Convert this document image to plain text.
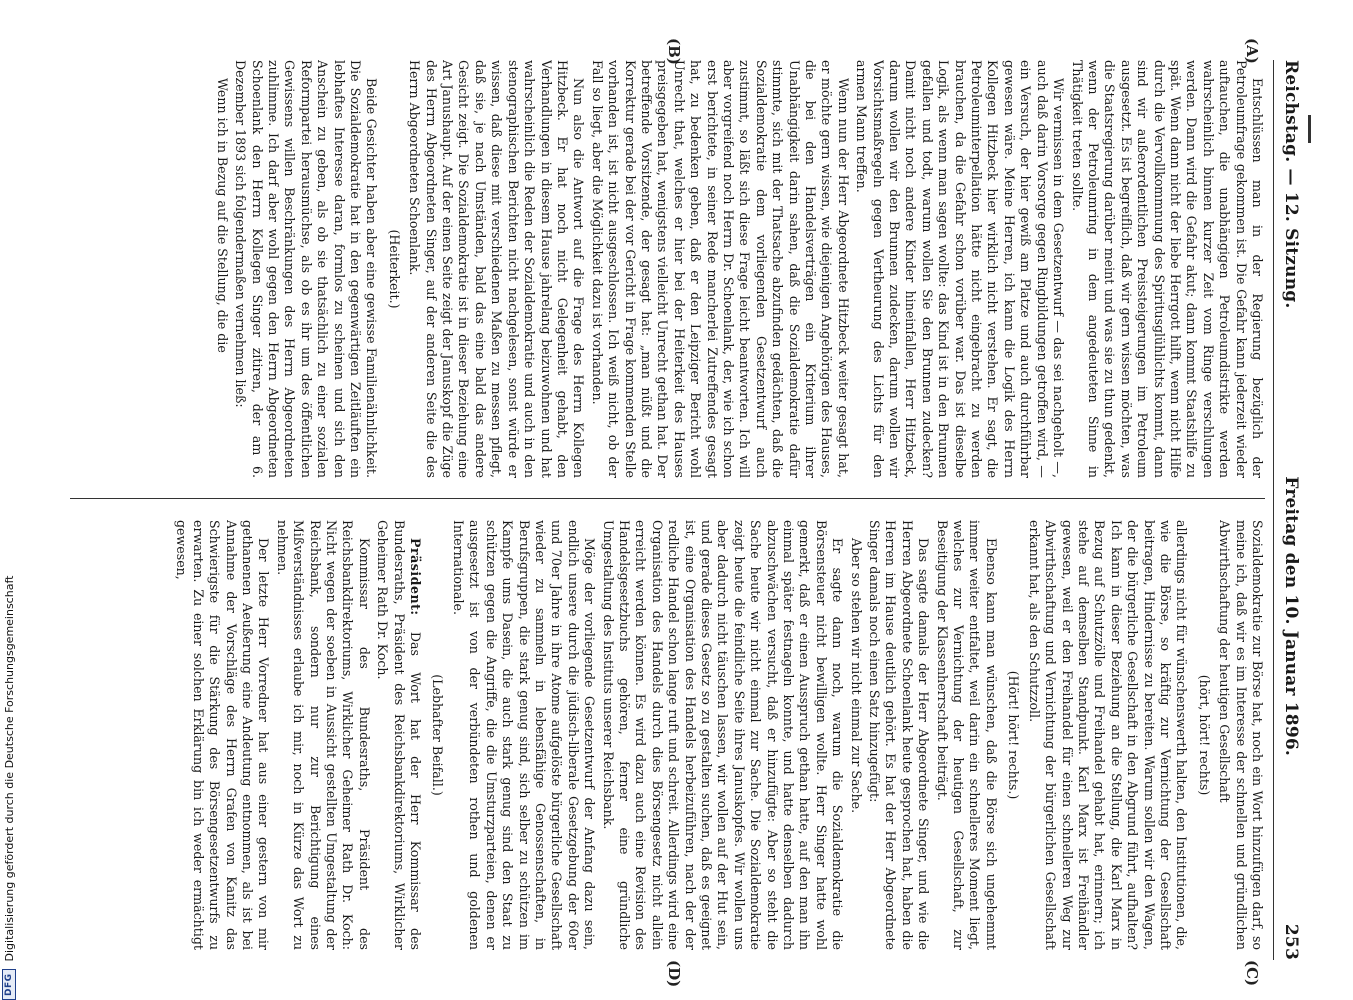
Reichstag. — 12. Sitzung.
Freitag den 10. Januar 1896.
253
(A)
(B)
(C)
(D)

Entschlüssen man in der Regierung bezüglich der Petroleumfrage gekommen ist. Die Gefahr kann jederzeit wieder auftauchen, die unabhängigen Petroleumdistrikte werden wahrscheinlich binnen kurzer Zeit vom Ringe verschlungen werden. Dann wird die Gefahr akut; dann kommt Staatshilfe zu spät. Wenn dann nicht der liebe Herrgott hilft, wenn nicht Hilfe durch die Vervollkommnung des Spiritusglühlichts kommt, dann sind wir außerordentlichen Preissteigerungen im Petroleum ausgesetzt. Es ist begreiflich, daß wir gern wissen möchten, was die Staatsregierung darüber meint und was sie zu thun gedenkt, wenn der Petroleumring in dem angedeuteten Sinne in Thätigkeit treten sollte.

Wir vermissen in dem Gesetzentwurf — das sei nachgeholt —, auch daß darin Vorsorge gegen Ringbildungen getroffen wird, — ein Versuch, der hier gewiß am Platze und auch durchführbar gewesen wäre. Meine Herren, ich kann die Logik des Herrn Kollegen Hitzbeck hier wirklich nicht verstehen. Er sagt, die Petroleuminterpellation hätte nicht eingebracht zu werden brauchen, da die Gefahr schon vorüber war. Das ist dieselbe Logik, als wenn man sagen wollte: das Kind ist in den Brunnen gefallen und todt, warum wollen Sie den Brunnen zudecken? Damit nicht noch andere Kinder hineinfallen, Herr Hitzbeck, darum wollen wir den Brunnen zudecken, darum wollen wir Vorsichtsmaßregeln gegen Vertheurung des Lichts für den armen Mann treffen.

Wenn nun der Herr Abgeordnete Hitzbeck weiter gesagt hat, er möchte gern wissen, wie diejenigen Angehörigen des Hauses, die bei den Handelsverträgen ein Kriterium ihrer Unabhängigkeit darin sahen, daß die Sozialdemokratie dafür stimmte, sich mit der Thatsache abzufinden gedächten, daß die Sozialdemokratie dem vorliegenden Gesetzentwurf auch zustimmt, so läßt sich diese Frage leicht beantworten. Ich will aber vorgreifend noch Herrn Dr. Schoenlank, der, wie ich schon erst berichtete, in seiner Rede mancherlei Zutreffendes gesagt hat, zu bedenken geben, daß er den Leipziger Bericht wohl Unrecht that, welches er hier bei der Heiterkeit des Hauses preisgegeben hat, wenigstens vielleicht Unrecht gethan hat. Der betreffende Vorsitzende, der gesagt hat: „man nüßt und die Korrektur gerade bei der vor Gericht in Frage kommenden Stelle vorhanden ist, ist nicht ausgeschlossen. Ich weiß nicht, ob der Fall so liegt, aber die Möglichkeit dazu ist vorhanden.

Nun also die Antwort auf die Frage des Herrn Kollegen Hitzbeck. Er hat noch nicht Gelegenheit gehabt, den Verhandlungen in diesem Hause jahrelang beizuwohnen und hat wahrscheinlich die Reden der Sozialdemokratie und auch in den stenographischen Berichten nicht nachgelesen, sonst würde er wissen, daß diese mit verschiedenen Maßen zu messen pflegt, daß sie, je nach Umständen, bald das eine bald das andere Gesicht zeigt. Die Sozialdemokratie ist in dieser Beziehung eine Art Janushaupt. Auf der einen Seite zeigt der Januskopf die Züge des Herrn Abgeordneten Singer, auf der anderen Seite die des Herrn Abgeordneten Schoenlank.

(Heiterkeit.)

Beide Gesichter haben aber eine gewisse Familienähnlichkeit. Die Sozialdemokratie hat in den gegenwärtigen Zeitläuften ein lebhaftes Interesse daran, formlos zu scheinen und sich den Anschein zu geben, als ob sie thatsächlich zu einer sozialen Reformpartei herausmüchse, als ob es ihr um des öffentlichen Gewissens willen Beschränkungen des Herrn Abgeordneten zuhlimme. Ich darf aber wohl gegen den Herrn Abgeordneten Schoenlank den Herrn Kollegen Singer zitiren, der am 6. Dezember 1893 sich folgendermaßen vernehmen ließ:

Wenn ich in Bezug auf die Stellung, die die

Sozialdemokratie zur Börse hat, noch ein Wort hinzufügen darf, so meine ich, daß wir es im Interesse der schnellen und gründlichen Abwirthschaftung der heutigen Gesellschaft

(hört, hört! rechts)

allerdings nicht für wünschenswerth halten, den Institutionen, die, wie die Börse, so kräftig zur Vernichtung der Gesellschaft beitragen, Hindernisse zu bereiten. Warum sollen wir den Wagen, der die bürgerliche Gesellschaft in den Abgrund führt, aufhalten? Ich kann in dieser Beziehung an die Stellung, die Karl Marx in Bezug auf Schutzzölle und Freihandel gehabt hat, erinnern; ich stehe auf demselben Standpunkt. Karl Marx ist Freihändler gewesen, weil er den Freihandel für einen schnelleren Weg zur Abwirthschaftung und Vernichtung der bürgerlichen Gesellschaft erkannt hat, als den Schutzzoll.

(Hört! hört! rechts.)

Ebenso kann man wünschen, daß die Börse sich ungehemmt immer weiter entfaltet, weil darin ein schnelleres Moment liegt, welches zur Vernichtung der heutigen Gesellschaft, zur Beseitigung der Klassenherrschaft beiträgt.

Das sagte damals der Herr Abgeordnete Singer, und wie die Herren Abgeordnete Schoenlank heute gesprochen hat, haben die Herren im Hause deutlich gehört. Es hat der Herr Abgeordnete Singer damals noch einen Satz hinzugefügt:

Aber so stehen wir nicht einmal zur Sache.

Er sagte dann noch, warum die Sozialdemokratie die Börsensteuer nicht bewilligen wollte. Herr Singer hatte wohl gemerkt, daß er einen Ausspruch gethan hatte, auf den man ihn einmal später festnageln konnte, und hatte denselben dadurch abzuschwächen versucht, daß er hinzufügte: Aber so steht die Sache heute wir nicht einmal zur Sache. Die Sozialdemokratie zeigt heute die feindliche Seite ihres Januskopfes. Wir wollen uns aber dadurch nicht täuschen lassen, wir wollen auf der Hut sein, und gerade dieses Gesetz so zu gestalten suchen, daß es geeignet ist, eine Organisation des Handels herbeizuführen, nach der der redliche Handel schon lange ruft und schreit. Allerdings wird eine Organisation des Handels durch dies Börsengesetz nicht allein erreicht werden können. Es wird dazu auch eine Revision des Handelsgesetzbuchs gehören, ferner eine gründliche Umgestaltung des Instituts unserer Reichsbank.

Möge der vorliegende Gesetzentwurf der Anfang dazu sein, endlich unsere durch die jüdisch-liberale Gesetzgebung der 60er und 70er Jahre in ihre Atome aufgelöste bürgerliche Gesellschaft wieder zu sammeln in lebensfähige Genossenschaften, in Berufsgruppen, die stark genug sind, sich selber zu schützen im Kampfe ums Dasein, die auch stark genug sind den Staat zu schützen gegen die Angriffe, die die Umsturzparteien, denen er ausgesetzt ist von der verbündeten rothen und goldenen Internationale.

(Lebhafter Beifall.)

Präsident: Das Wort hat der Herr Kommissar des Bundesraths, Präsident des Reichsbankdirektoriums, Wirklicher Geheimer Rath Dr. Koch.

Kommissar des Bundesraths, Präsident des Reichsbankdirektoriums, Wirklicher Geheimer Rath Dr. Koch: Nicht wegen der soeben in Aussicht gestellten Umgestaltung der Reichsbank, sondern nur zur Berichtigung eines Mißverständnisses erlaube ich mir, noch in Kürze das Wort zu nehmen.

Der letzte Herr Vorredner hat aus einer gestern von mir gethanenen Aeußerung eine Andeutung entnommen, als ist bei Annahme der Vorschläge des Herrn Grafen von Kanitz das Schwierigste für die Stärkung des Börsengesetzentwurfs zu erwarten. Zu einer solchen Erklärung bin ich weder ermächtigt gewesen,

DFG
Digitalisierung gefördert durch die Deutsche Forschungsgemeinschaft
